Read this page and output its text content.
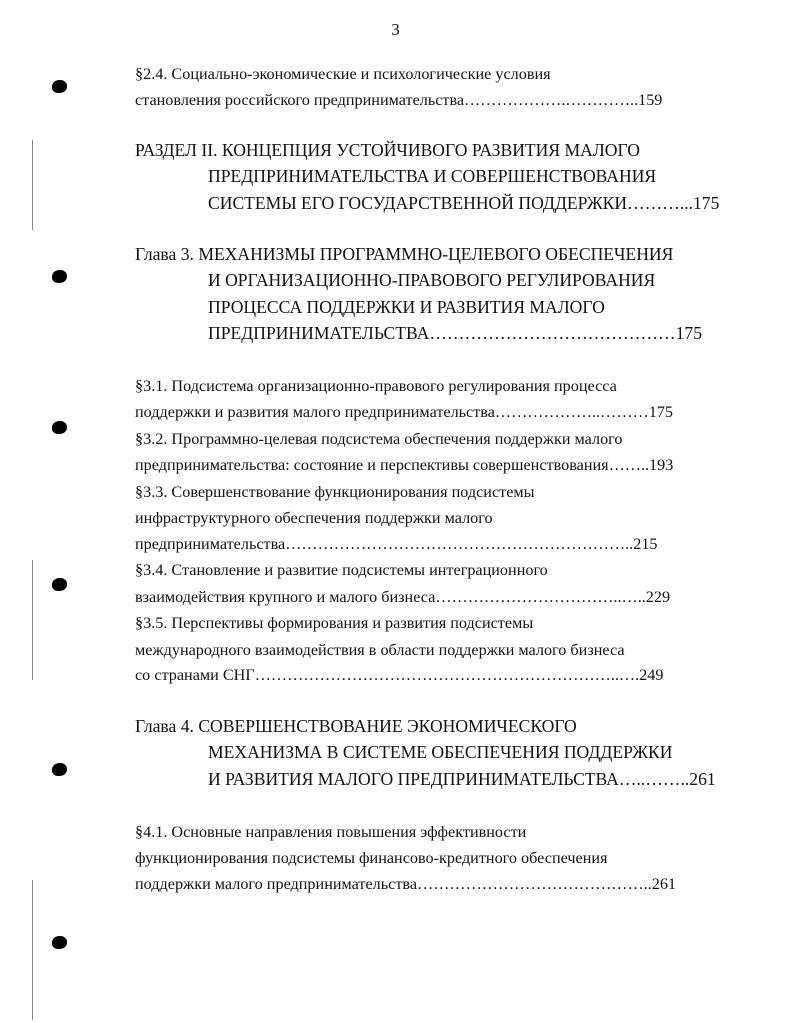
3
§2.4. Социально-экономические и психологические условия
становления российского предпринимательства……………….…………..159
РАЗДЕЛ II. КОНЦЕПЦИЯ УСТОЙЧИВОГО РАЗВИТИЯ МАЛОГО
ПРЕДПРИНИМАТЕЛЬСТВА И СОВЕРШЕНСТВОВАНИЯ
СИСТЕМЫ ЕГО ГОСУДАРСТВЕННОЙ ПОДДЕРЖКИ………...175
Глава 3. МЕХАНИЗМЫ ПРОГРАММНО-ЦЕЛЕВОГО ОБЕСПЕЧЕНИЯ
И ОРГАНИЗАЦИОННО-ПРАВОВОГО РЕГУЛИРОВАНИЯ
ПРОЦЕССА ПОДДЕРЖКИ И РАЗВИТИЯ МАЛОГО
ПРЕДПРИНИМАТЕЛЬСТВА……………………………………175
§3.1. Подсистема организационно-правового регулирования процесса
поддержки и развития малого предпринимательства………………..………175
§3.2. Программно-целевая подсистема обеспечения поддержки малого
предпринимательства: состояние и перспективы совершенствования……..193
§3.3. Совершенствование функционирования подсистемы
инфраструктурного обеспечения поддержки малого
предпринимательства………………………………………………………..215
§3.4. Становление и развитие подсистемы интеграционного
взаимодействия крупного и малого бизнеса……………………………..…..229
§3.5. Перспективы формирования и развития подсистемы
международного взаимодействия в области поддержки малого бизнеса
со странами СНГ…………………………………………………………..….249
Глава 4. СОВЕРШЕНСТВОВАНИЕ ЭКОНОМИЧЕСКОГО
МЕХАНИЗМА В СИСТЕМЕ ОБЕСПЕЧЕНИЯ ПОДДЕРЖКИ
И РАЗВИТИЯ МАЛОГО ПРЕДПРИНИМАТЕЛЬСТВА…..……..261
§4.1. Основные направления повышения эффективности
функционирования подсистемы финансово-кредитного обеспечения
поддержки малого предпринимательства……………………………………..261
